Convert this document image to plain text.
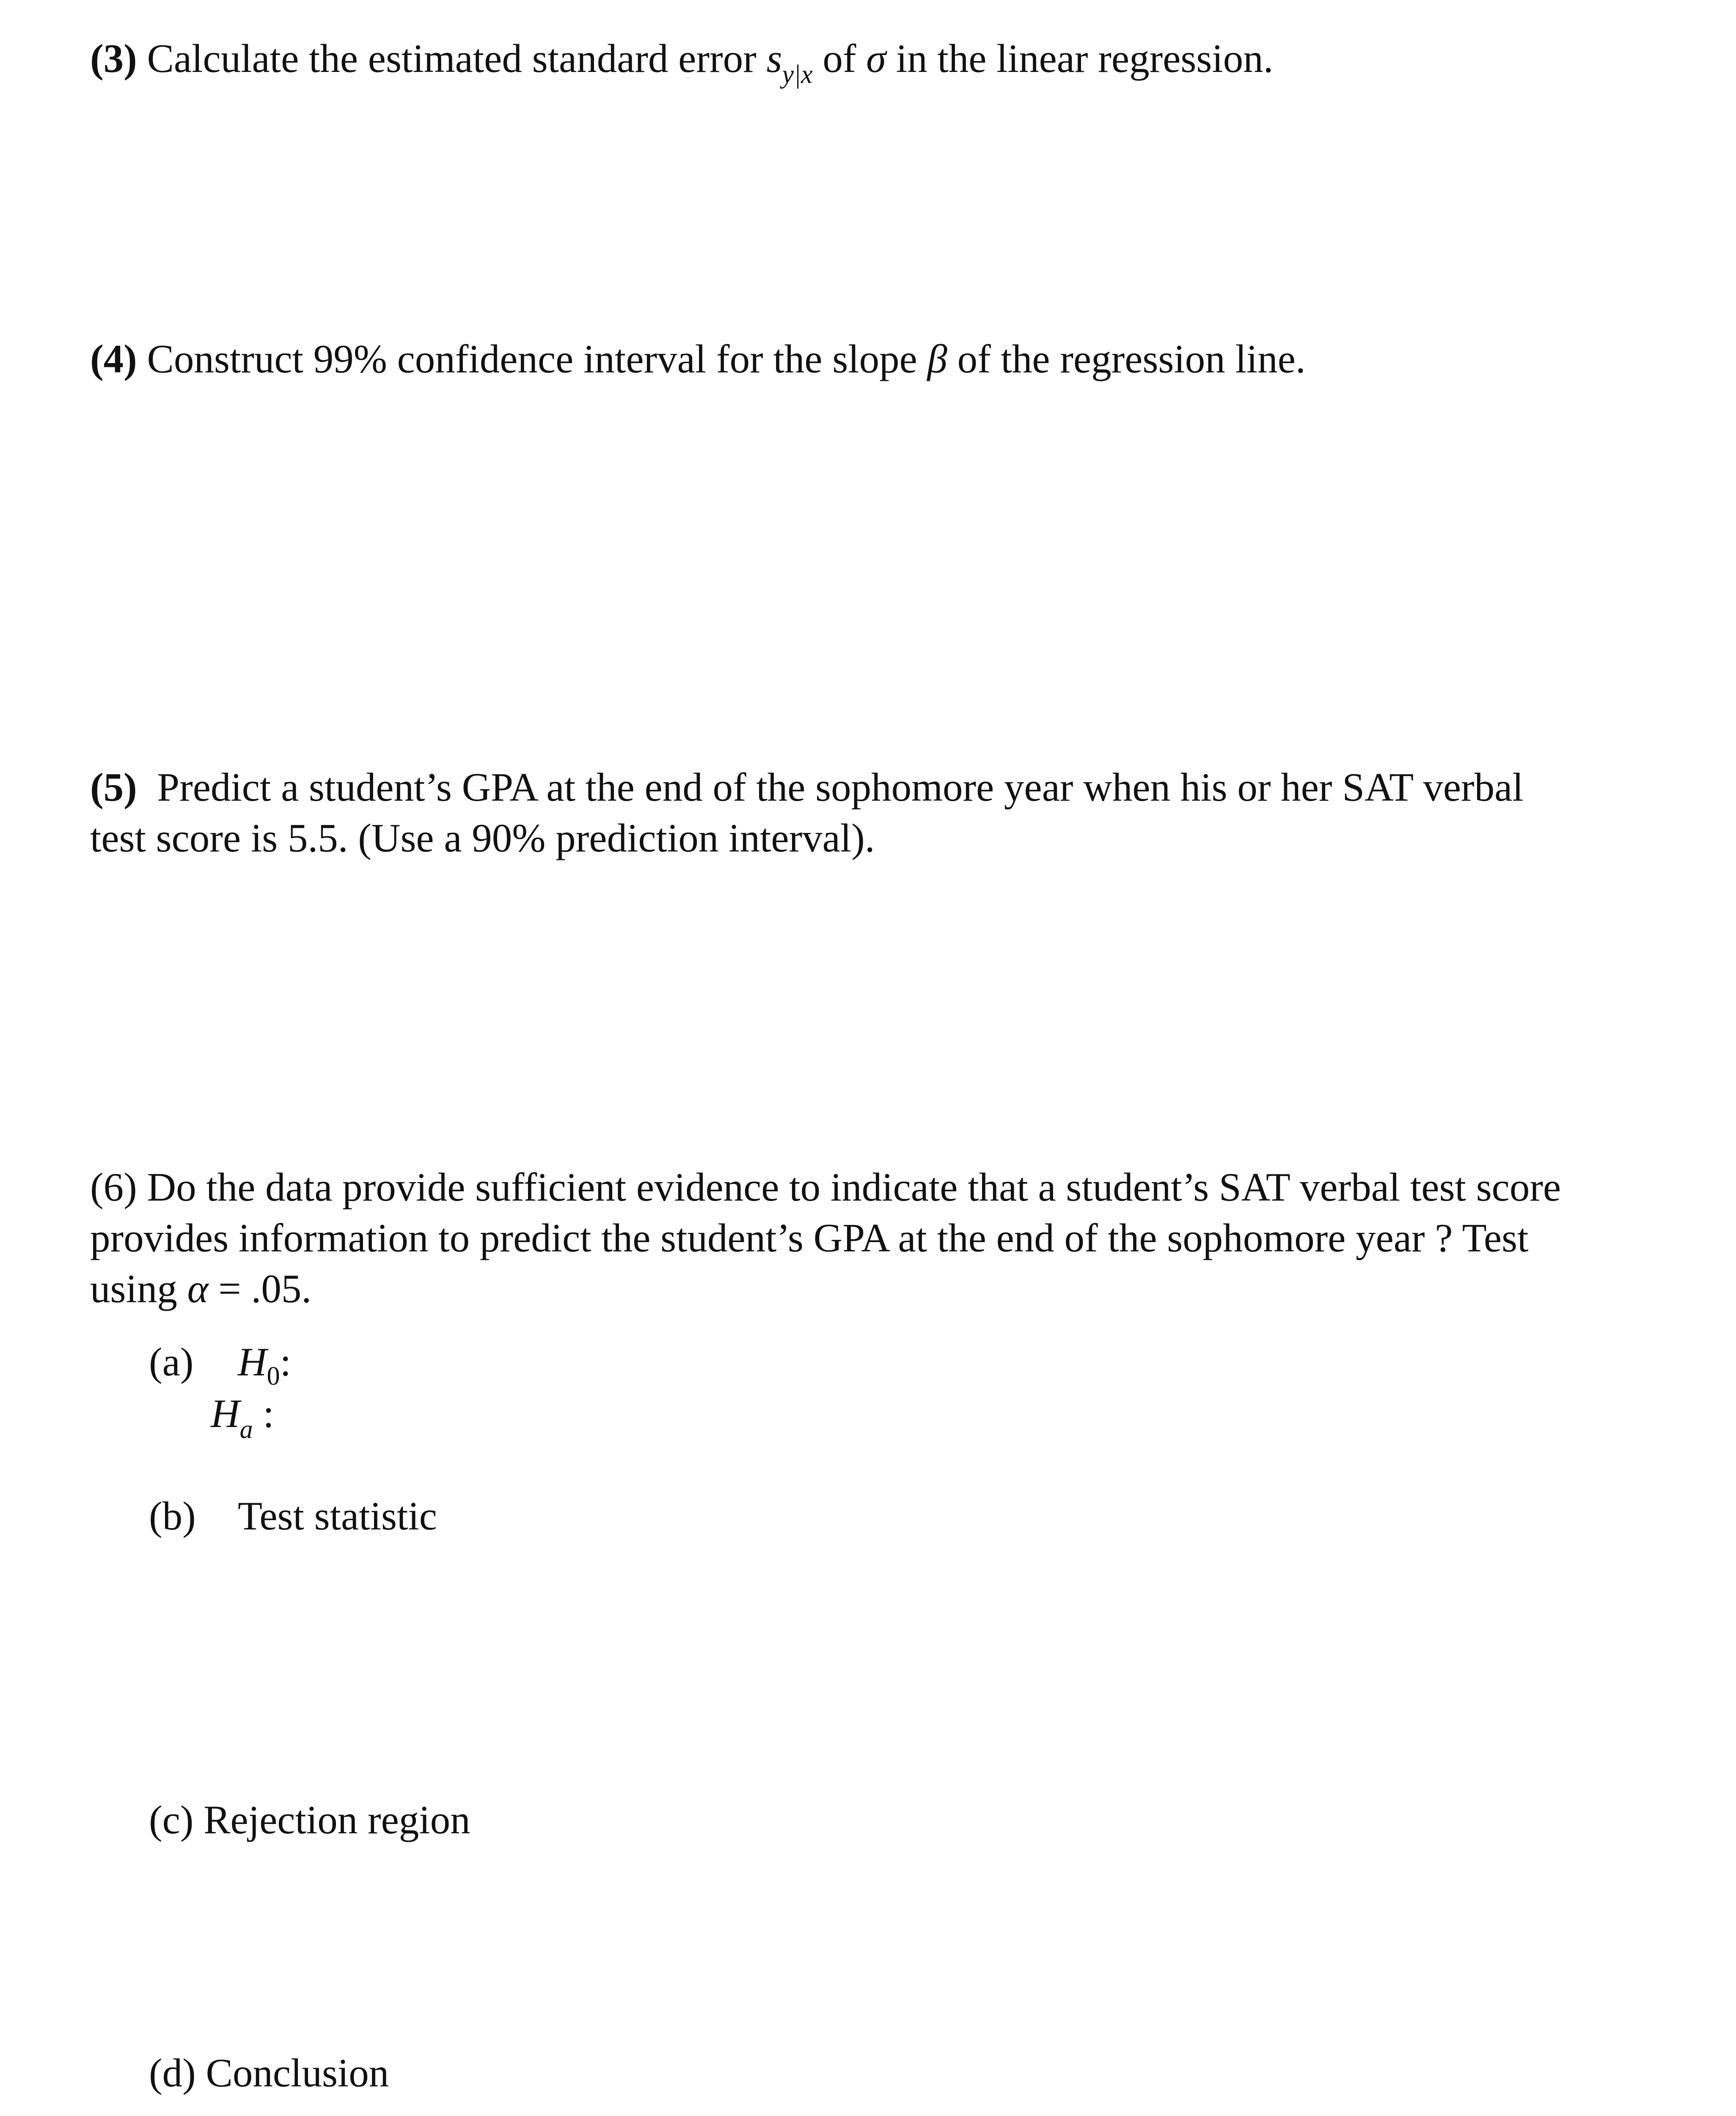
(3) Calculate the estimated standard error $s_{y|x}$ of σ in the linear regression.
(4) Construct 99% confidence interval for the slope β of the regression line.
(5) Predict a student’s GPA at the end of the sophomore year when his or her SAT verbal
test score is 5.5. (Use a 90% prediction interval).
(6) Do the data provide sufficient evidence to indicate that a student’s SAT verbal test score
provides information to predict the student’s GPA at the end of the sophomore year ? Test
using α = .05.
(a) $H_0$:
$H_a$ :
(b) Test statistic
(c) Rejection region
(d) Conclusion
